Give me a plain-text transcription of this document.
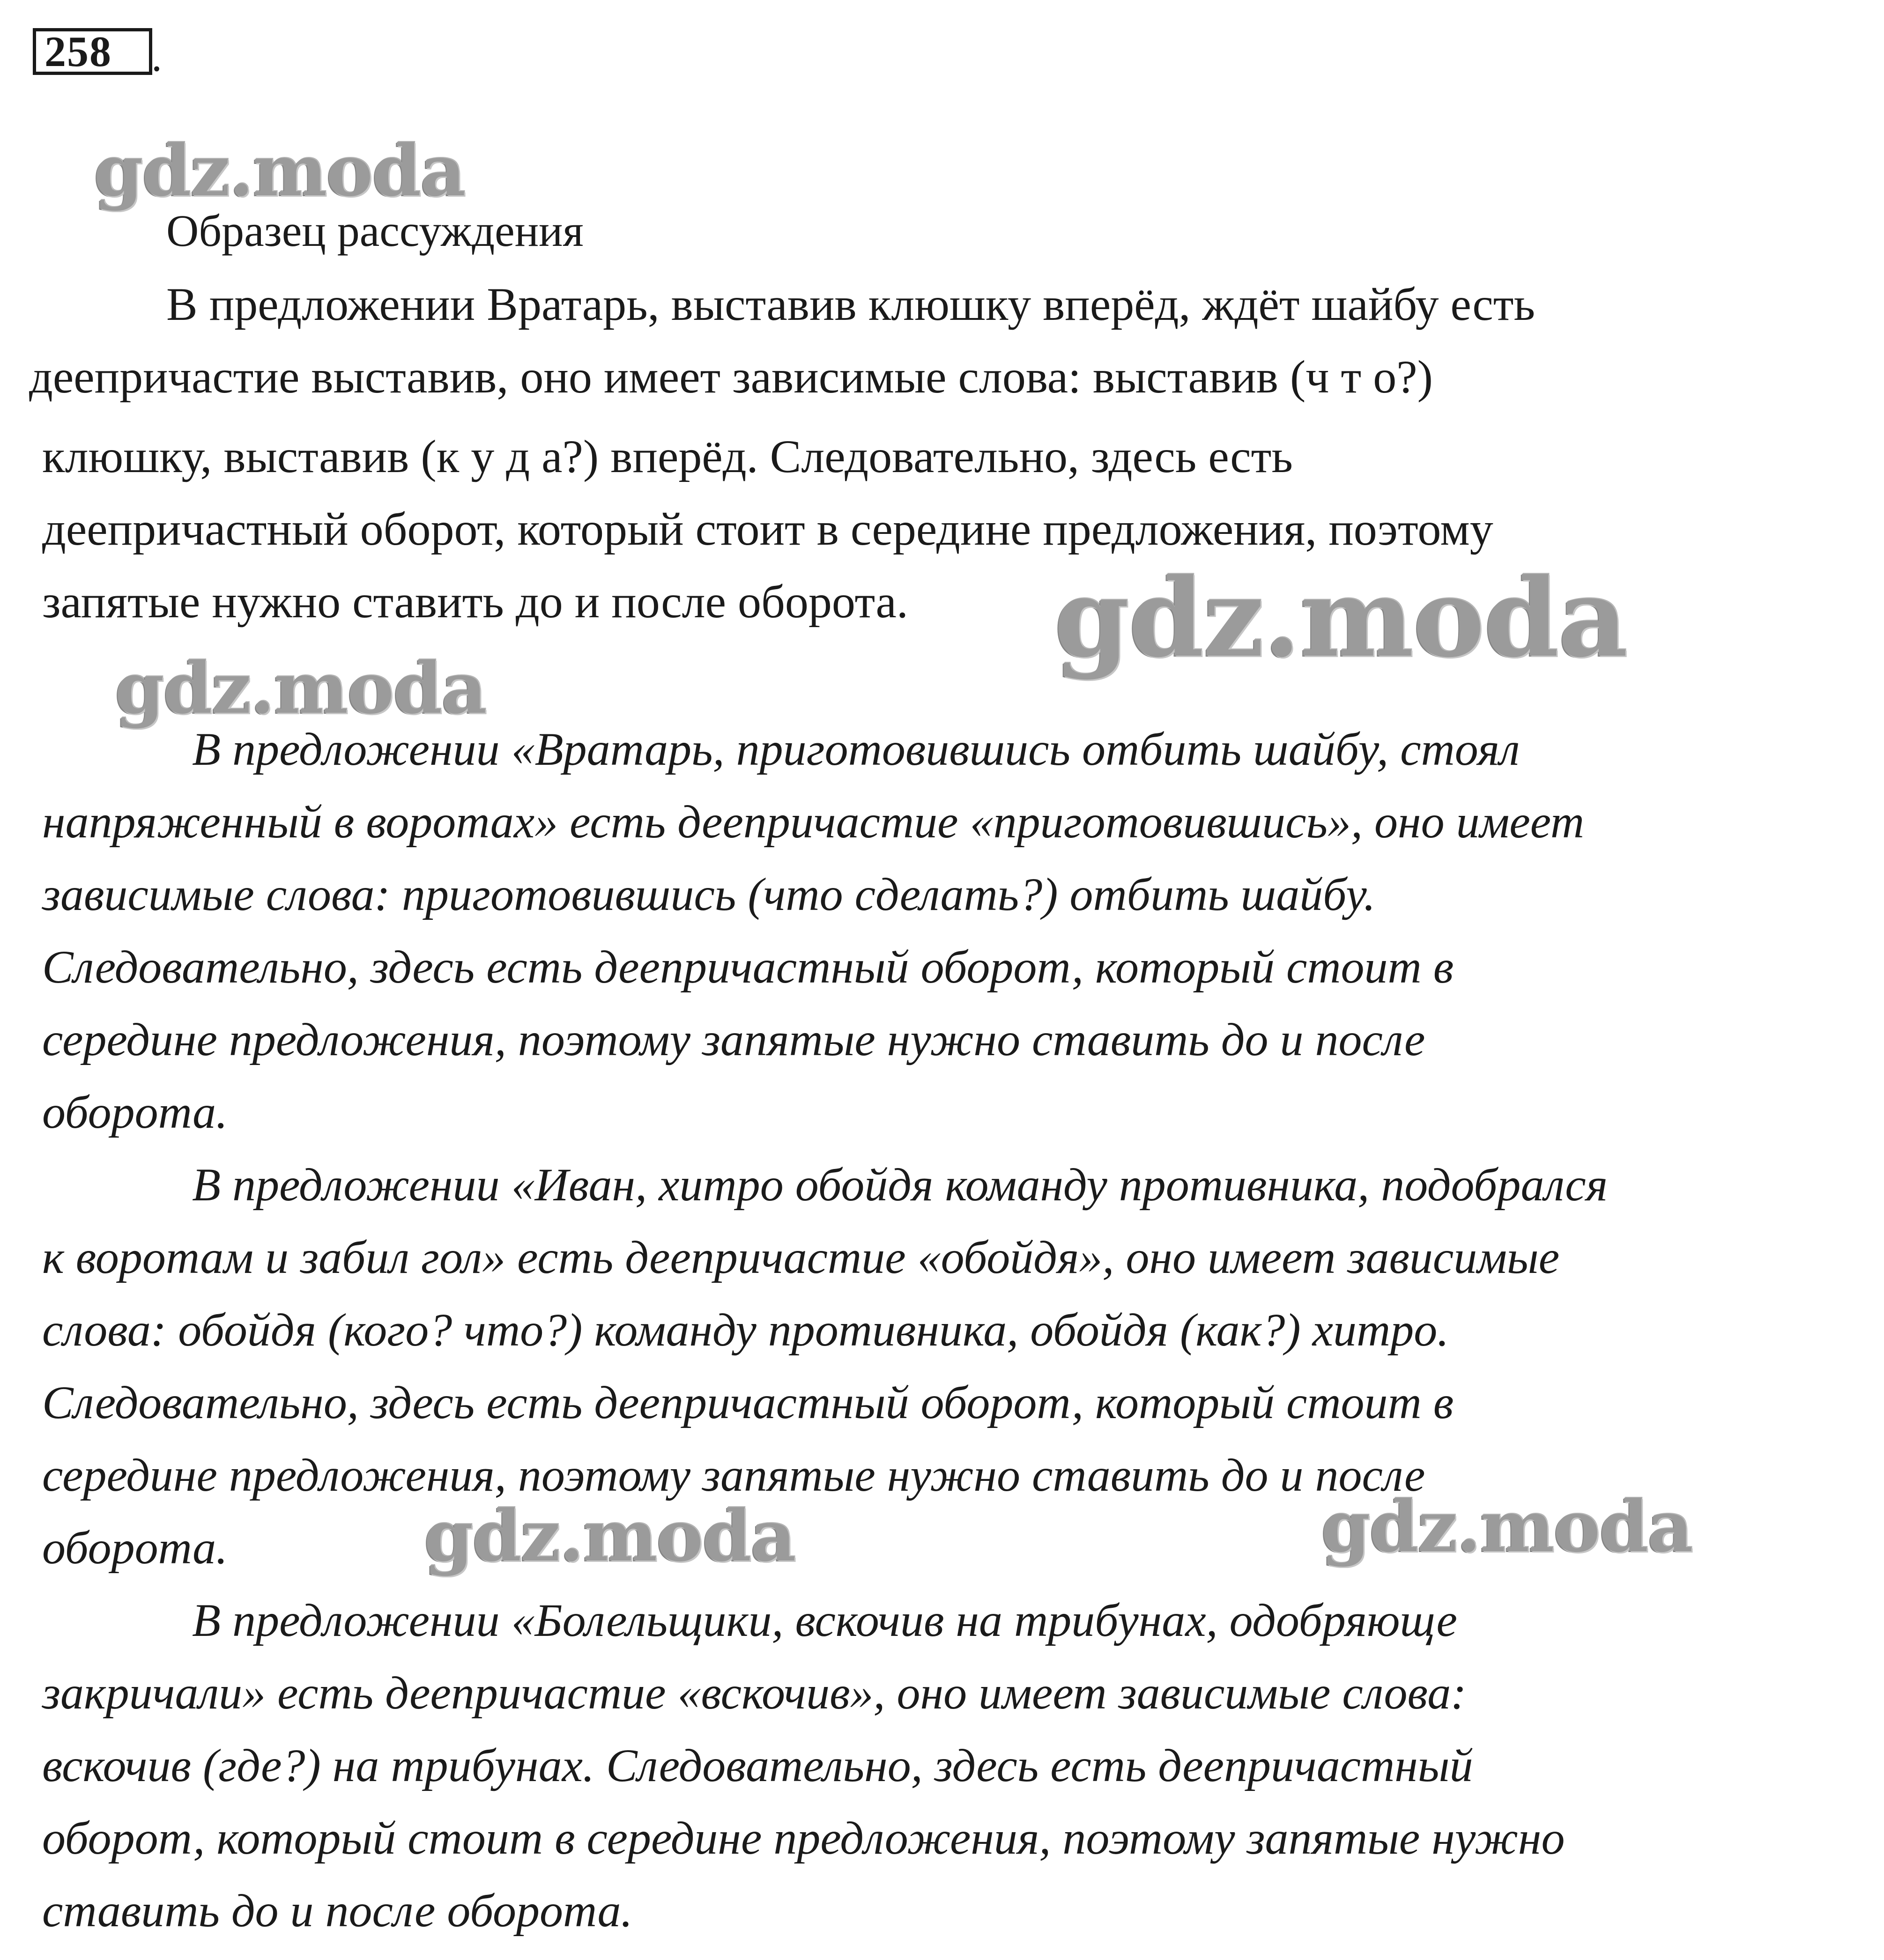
258 .
gdz.moda
gdz.moda
gdz.moda
gdz.moda	gdz.moda
Образец рассуждения
В предложении Вратарь, выставив клюшку вперёд, ждёт шайбу есть
деепричастие выставив, оно имеет зависимые слова: выставив (ч т о?)
клюшку, выставив (к у д а?) вперёд. Следовательно, здесь есть
деепричастный оборот, который стоит в середине предложения, поэтому
запятые нужно ставить до и после оборота.
В предложении «Вратарь, приготовившись отбить шайбу, стоял
напряженный в воротах» есть деепричастие «приготовившись», оно имеет
зависимые слова: приготовившись (что сделать?) отбить шайбу.
Следовательно, здесь есть деепричастный оборот, который стоит в
середине предложения, поэтому запятые нужно ставить до и после
оборота.
В предложении «Иван, хитро обойдя команду противника, подобрался
к воротам и забил гол» есть деепричастие «обойдя», оно имеет зависимые
слова: обойдя (кого? что?) команду противника, обойдя (как?) хитро.
Следовательно, здесь есть деепричастный оборот, который стоит в
середине предложения, поэтому запятые нужно ставить до и после
оборота.
В предложении «Болельщики, вскочив на трибунах, одобряюще
закричали» есть деепричастие «вскочив», оно имеет зависимые слова:
вскочив (где?) на трибунах. Следовательно, здесь есть деепричастный
оборот, который стоит в середине предложения, поэтому запятые нужно
ставить до и после оборота.
